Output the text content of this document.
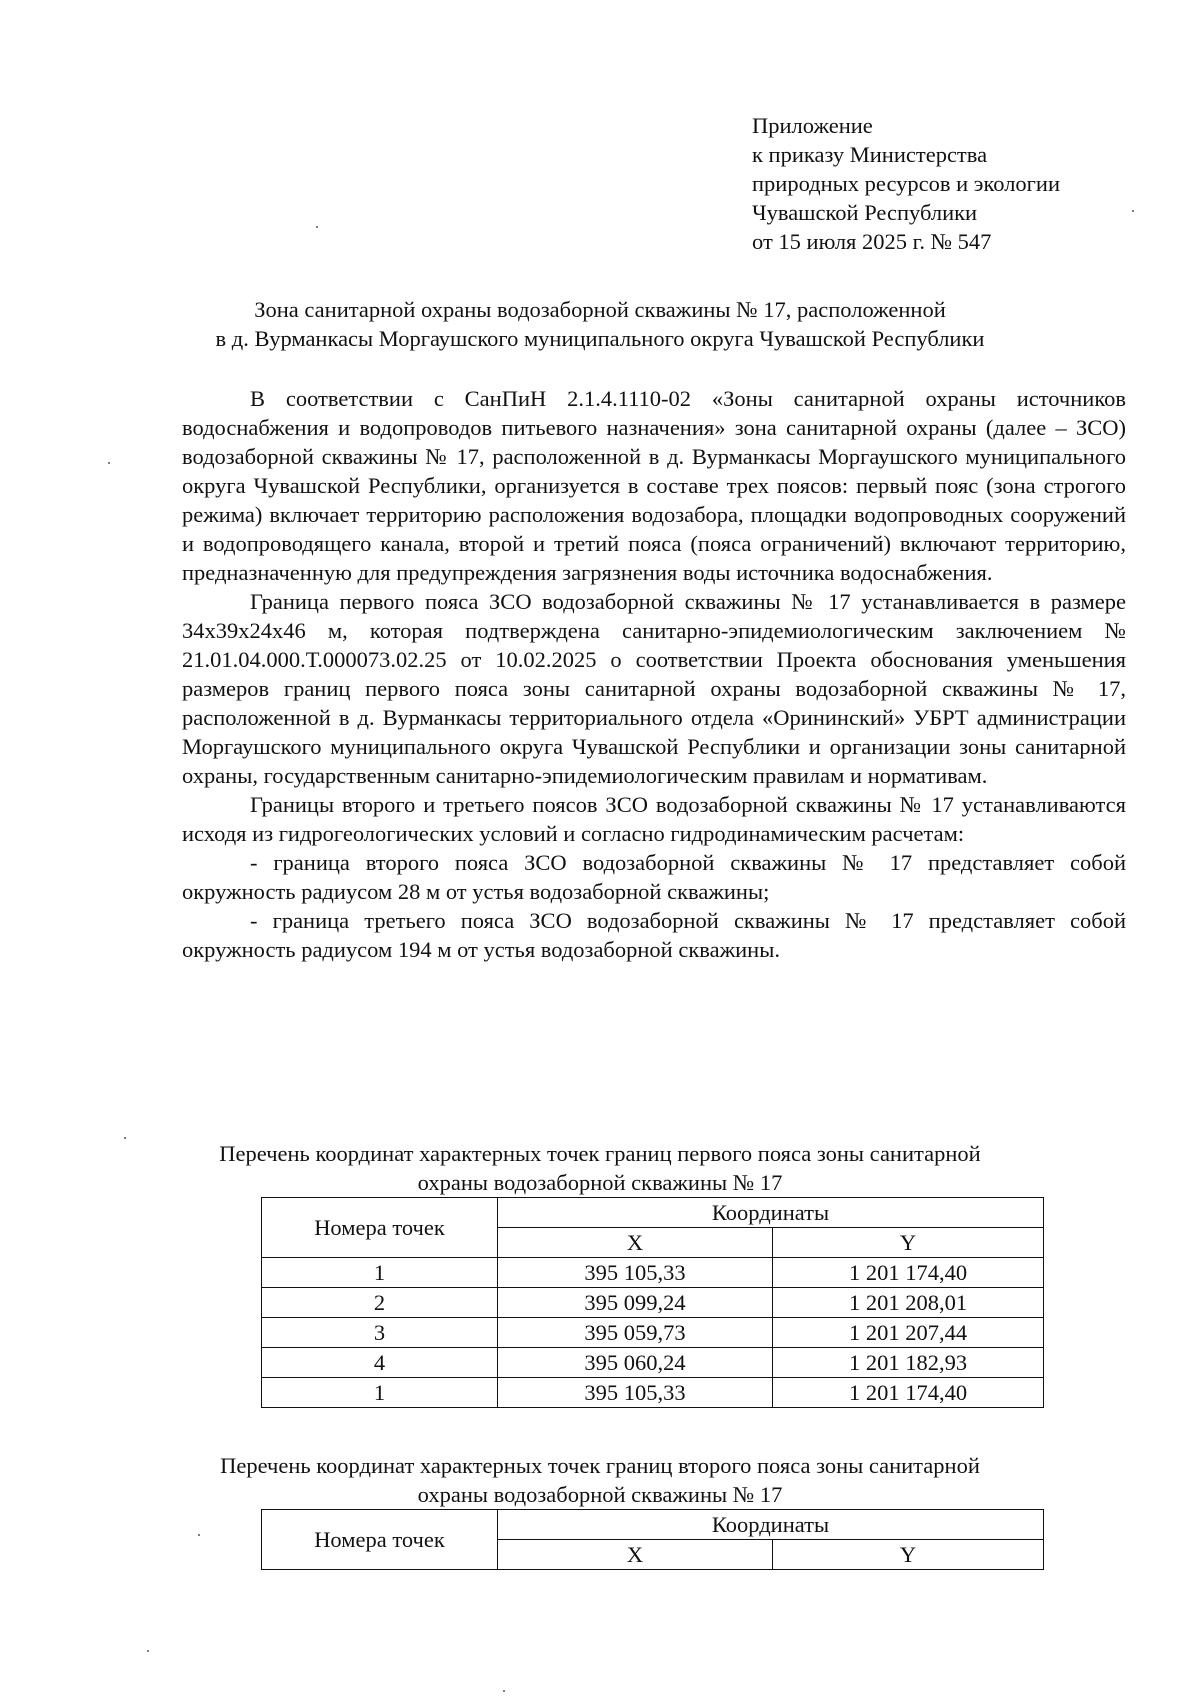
Приложение
к приказу Министерства
природных ресурсов и экологии
Чувашской Республики
от 15 июля 2025 г. № 547
Зона санитарной охраны водозаборной скважины № 17, расположенной
в д. Вурманкасы Моргаушского муниципального округа Чувашской Республики

В соответствии с СанПиН 2.1.4.1110-02 «Зоны санитарной охраны источников водоснабжения и водопроводов питьевого назначения» зона санитарной охраны (далее – ЗСО) водозаборной скважины № 17, расположенной в д. Вурманкасы Моргаушского муниципального округа Чувашской Республики, организуется в составе трех поясов: первый пояс (зона строгого режима) включает территорию расположения водозабора, площадки водопроводных сооружений и водопроводящего канала, второй и третий пояса (пояса ограничений) включают территорию, предназначенную для предупреждения загрязнения воды источника водоснабжения.

Граница первого пояса ЗСО водозаборной скважины № 17 устанавливается в размере 34x39x24x46 м, которая подтверждена санитарно-эпидемиологическим заключением № 21.01.04.000.Т.000073.02.25 от 10.02.2025 о соответствии Проекта обоснования уменьшения размеров границ первого пояса зоны санитарной охраны водозаборной скважины № 17, расположенной в д. Вурманкасы территориального отдела «Орининский» УБРТ администрации Моргаушского муниципального округа Чувашской Республики и организации зоны санитарной охраны, государственным санитарно-эпидемиологическим правилам и нормативам.

Границы второго и третьего поясов ЗСО водозаборной скважины № 17 устанавливаются исходя из гидрогеологических условий и согласно гидродинамическим расчетам:

- граница второго пояса ЗСО водозаборной скважины № 17 представляет собой окружность радиусом 28 м от устья водозаборной скважины;

- граница третьего пояса ЗСО водозаборной скважины № 17 представляет собой окружность радиусом 194 м от устья водозаборной скважины.

Перечень координат характерных точек границ первого пояса зоны санитарной
охраны водозаборной скважины № 17
Номера точек	Координаты	
	X	Y
1	395 105,33	1 201 174,40
2	395 099,24	1 201 208,01
3	395 059,73	1 201 207,44
4	395 060,24	1 201 182,93
1	395 105,33	1 201 174,40
Перечень координат характерных точек границ второго пояса зоны санитарной
охраны водозаборной скважины № 17
Номера точек	Координаты	
	X	Y
